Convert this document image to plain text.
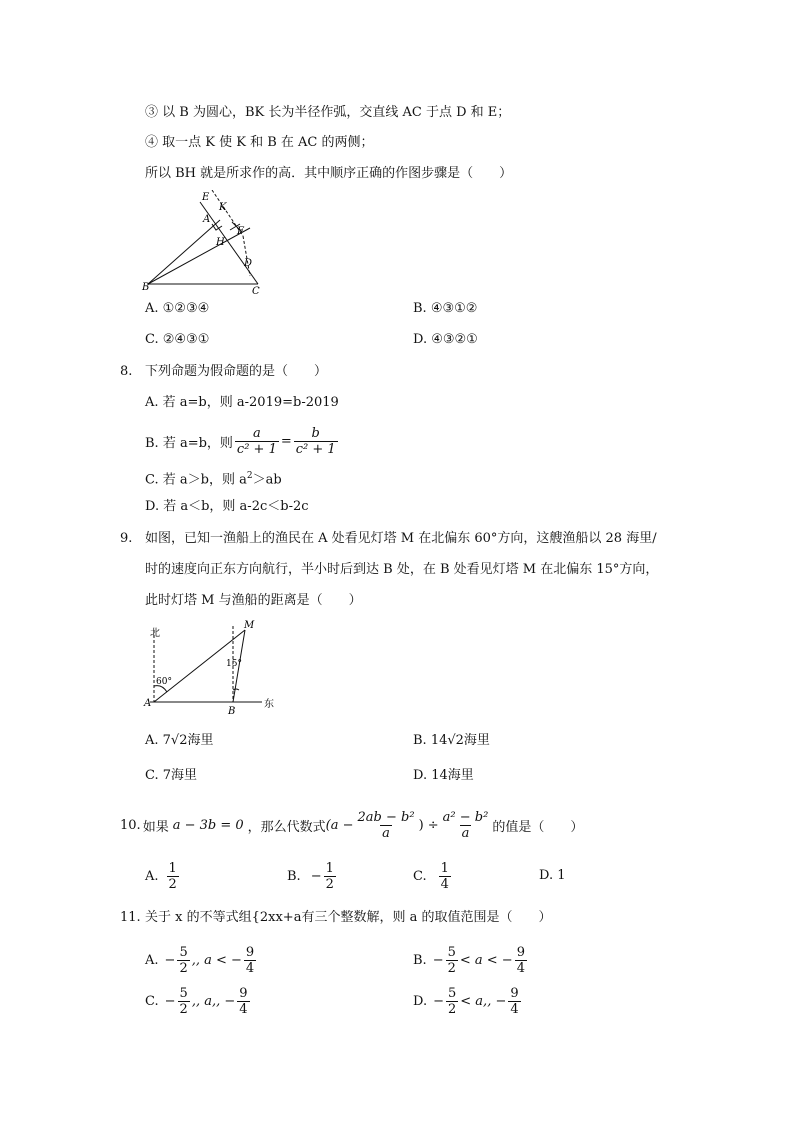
③ 以 B 为圆心，BK 长为半径作弧，交直线 AC 于点 D 和 E；
④ 取一点 K 使 K 和 B 在 AC 的两侧；
所以 BH 就是所求作的高．其中顺序正确的作图步骤是（　　）
E
K
A
H
F
D
B	C
A. ①②③④	B. ④③①②
C. ②④③①	D. ④③②①
8. 下列命题为假命题的是（　　）
A. 若 a=b，则 a-2019=b-2019
B. 若 a=b，则 $\frac{a}{\text{c² + 1}} = \frac{b}{\text{c² + 1}}$
C. 若 a＞b，则 $a^2>ab$
D. 若 a＜b，则 a-2c＜b-2c
9. 如图，已知一渔船上的渔民在 A 处看见灯塔 M 在北偏东 60°方向，这艘渔船以 28 海里/
时的速度向正东方向航行，半小时后到达 B 处，在 B 处看见灯塔 M 在北偏东 15°方向，
此时灯塔 M 与渔船的距离是（　　）
北
60°
15°
M
A
B
东
A. 7√2海里	B. 14√2海里
C. 7海里	D. 14海里
10. 如果 a − 3b = 0 ，那么代数式 ($a - \frac{\text{2ab − b²}}{a}$ ) ÷ $\frac{\text{a² − b²}}{a}$ 的值是（　　）
A. $\frac{1}{2}$	B. − $\frac{1}{2}$	C. $\frac{1}{4}$	D. 1
11. 关于 x 的不等式组{2xx+a有三个整数解，则 a 的取值范围是（　　）
A. − $\frac{5}{2}$ ,, a < − $\frac{9}{4}$	B. − $\frac{5}{2} < a$ < − $\frac{9}{4}$
C. − $\frac{5}{2}$ ,, a,, − $\frac{9}{4}$	D. − $\frac{5}{2} < a$,, − $\frac{9}{4}$
